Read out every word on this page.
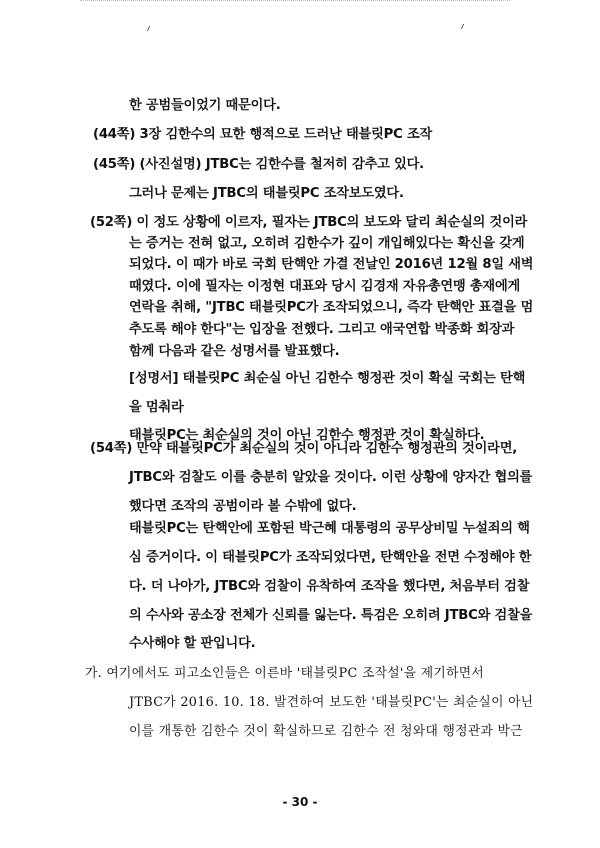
한 공범들이었기 때문이다.
(44쪽) 3장 김한수의 묘한 행적으로 드러난 태블릿PC 조작
(45쪽) (사진설명) JTBC는 김한수를 철저히 감추고 있다.
그러나 문제는 JTBC의 태블릿PC 조작보도였다.
(52쪽) 이 정도 상황에 이르자, 필자는 JTBC의 보도와 달리 최순실의 것이라
는 증거는 전혀 없고, 오히려 김한수가 깊이 개입해있다는 확신을 갖게
되었다. 이 때가 바로 국회 탄핵안 가결 전날인 2016년 12월 8일 새벽
때였다. 이에 필자는 이정현 대표와 당시 김경재 자유총연맹 총재에게
연락을 취해, "JTBC 태블릿PC가 조작되었으니, 즉각 탄핵안 표결을 멈
추도록 해야 한다"는 입장을 전했다. 그리고 애국연합 박종화 회장과
함께 다음과 같은 성명서를 발표했다.
[성명서] 태블릿PC 최순실 아닌 김한수 행정관 것이 확실 국회는 탄핵
을 멈춰라
태블릿PC는 최순실의 것이 아닌 김한수 행정관 것이 확실하다.
(54쪽) 만약 태블릿PC가 최순실의 것이 아니라 김한수 행정관의 것이라면,
JTBC와 검찰도 이를 충분히 알았을 것이다. 이런 상황에 양자간 협의를
했다면 조작의 공범이라 볼 수밖에 없다.
태블릿PC는 탄핵안에 포함된 박근혜 대통령의 공무상비밀 누설죄의 핵
심 증거이다. 이 태블릿PC가 조작되었다면, 탄핵안을 전면 수정해야 한
다. 더 나아가, JTBC와 검찰이 유착하여 조작을 했다면, 처음부터 검찰
의 수사와 공소장 전체가 신뢰를 잃는다. 특검은 오히려 JTBC와 검찰을
수사해야 할 판입니다.
가. 여기에서도 피고소인들은 이른바 '태블릿PC 조작설'을 제기하면서
JTBC가 2016. 10. 18. 발견하여 보도한 '태블릿PC'는 최순실이 아닌
이를 개통한 김한수 것이 확실하므로 김한수 전 청와대 행정관과 박근
- 30 -
